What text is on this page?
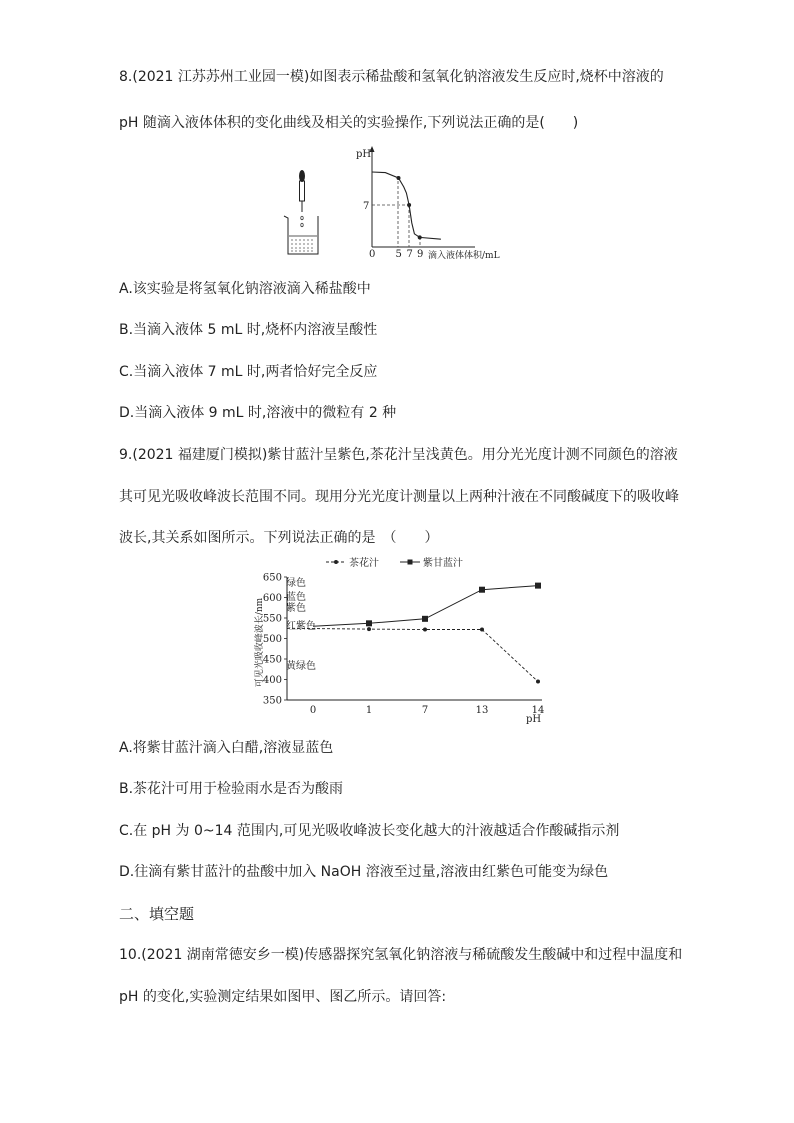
8.(2021 江苏苏州工业园一模)如图表示稀盐酸和氢氧化钠溶液发生反应时,烧杯中溶液的
pH 随滴入液体体积的变化曲线及相关的实验操作,下列说法正确的是(　　)
pH
7
0 5 7 9 滴入液体体积/mL
A.该实验是将氢氧化钠溶液滴入稀盐酸中
B.当滴入液体 5 mL 时,烧杯内溶液呈酸性
C.当滴入液体 7 mL 时,两者恰好完全反应
D.当滴入液体 9 mL 时,溶液中的微粒有 2 种
9.(2021 福建厦门模拟)紫甘蓝汁呈紫色,茶花汁呈浅黄色。用分光光度计测不同颜色的溶液
其可见光吸收峰波长范围不同。现用分光光度计测量以上两种汁液在不同酸碱度下的吸收峰
波长,其关系如图所示。下列说法正确的是　（　　）
茶花汁	紫甘蓝汁
650
600
550
500
450
400
350
0	1	7	13	14
pH
可见光吸收峰波长/nm
绿色
蓝色
紫色
红紫色
黄绿色
A.将紫甘蓝汁滴入白醋,溶液显蓝色
B.茶花汁可用于检验雨水是否为酸雨
C.在 pH 为 0~14 范围内,可见光吸收峰波长变化越大的汁液越适合作酸碱指示剂
D.往滴有紫甘蓝汁的盐酸中加入 NaOH 溶液至过量,溶液由红紫色可能变为绿色
二、填空题
10.(2021 湖南常德安乡一模)传感器探究氢氧化钠溶液与稀硫酸发生酸碱中和过程中温度和
pH 的变化,实验测定结果如图甲、图乙所示。请回答:
